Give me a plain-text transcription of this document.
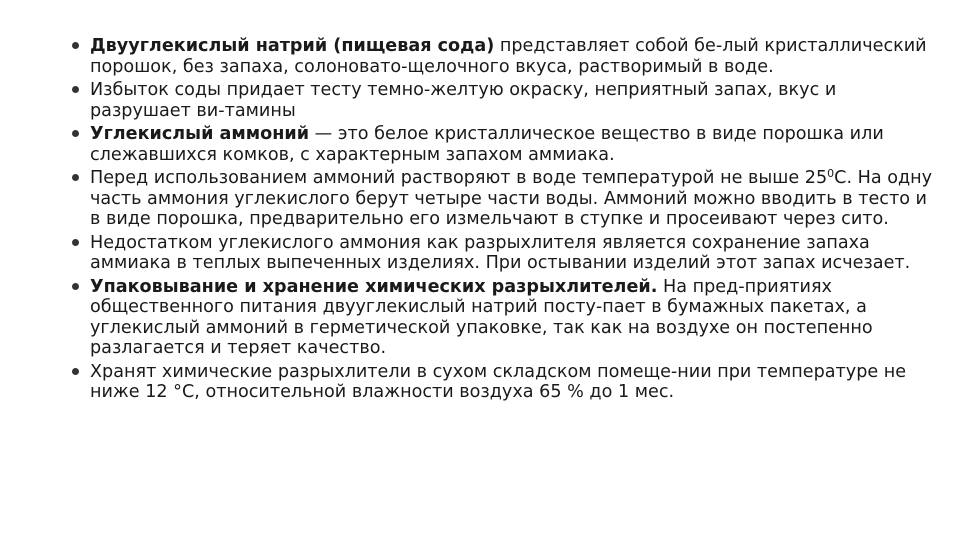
Двууглекислый натрий (пищевая сода) представляет собой бе-лый кристаллический порошок, без запаха, солоновато-щелочного вкуса, растворимый в воде.
Избыток соды придает тесту темно-желтую окраску, неприятный запах, вкус и разрушает ви-тамины
Углекислый аммоний — это белое кристаллическое вещество в виде порошка или слежавшихся комков, с характерным запахом аммиака.
Перед использованием аммоний растворяют в воде температурой не выше $25^0С$. На одну часть аммония углекислого берут четыре части воды. Аммоний можно вводить в тесто и в виде порошка, предварительно его измельчают в ступке и просеивают через сито.
Недостатком углекислого аммония как разрыхлителя является сохранение запаха аммиака в теплых выпеченных изделиях. При остывании изделий этот запах исчезает.
Упаковывание и хранение химических разрыхлителей. На пред-приятиях общественного питания двууглекислый натрий посту-пает в бумажных пакетах, а углекислый аммоний в герметической упаковке, так как на воздухе он постепенно разлагается и теряет качество.
Хранят химические разрыхлители в сухом складском помеще-нии при температуре не ниже 12 °С, относительной влажности воздуха 65 % до 1 мес.
